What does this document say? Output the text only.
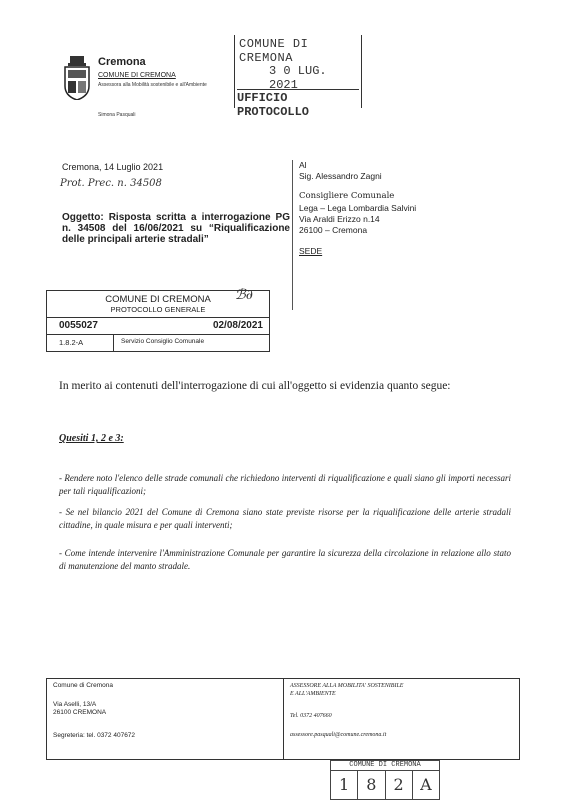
Cremona
COMUNE DI CREMONA
Assessora alla Mobilità sostenibile e all'Ambiente
Simona Pasquali
COMUNE DI CREMONA
3 0 LUG. 2021
UFFICIO PROTOCOLLO
Cremona, 14 Luglio 2021
Prot. Prec. n. 34508
Oggetto: Risposta scritta a interrogazione PG n. 34508 del 16/06/2021 su “Riqualificazione delle principali arterie stradali”
Al
Sig. Alessandro Zagni
Consigliere Comunale
Lega – Lega Lombardia Salvini
Via Araldi Erizzo n.14
26100 – Cremona
SEDE
COMUNE DI CREMONA
PROTOCOLLO GENERALE
ℬ∂
0055027	02/08/2021
1.8.2-A	Servizio Consiglio Comunale
In merito ai contenuti dell'interrogazione di cui all'oggetto si evidenzia quanto segue:
Quesiti 1, 2 e 3:
- Rendere noto l'elenco delle strade comunali che richiedono interventi di riqualificazione e quali siano gli importi necessari per tali riqualificazioni;
- Se nel bilancio 2021 del Comune di Cremona siano state previste risorse per la riqualificazione delle arterie stradali cittadine, in quale misura e per quali interventi;
- Come intende intervenire l'Amministrazione Comunale per garantire la sicurezza della circolazione in relazione allo stato di manutenzione del manto stradale.
Comune di Cremona
Via Aselli, 13/A
26100 CREMONA
Segreteria: tel. 0372 407672
ASSESSORE ALLA MOBILITA' SOSTENIBILE
E ALL'AMBIENTE
Tel. 0372 407660
assessore.pasquali@comune.cremona.it
COMUNE DI CREMONA
1	8	2	A
